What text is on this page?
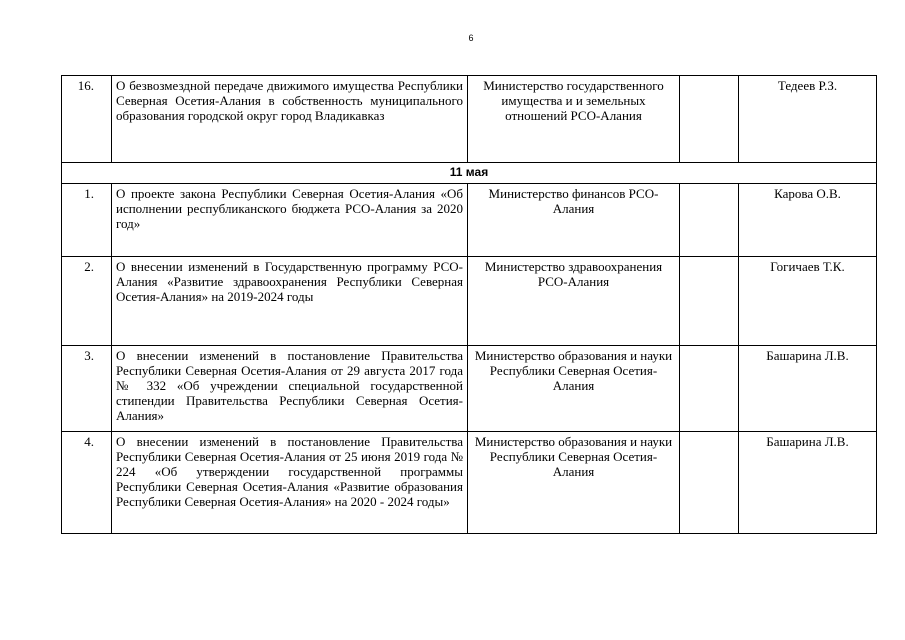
6
16.	О безвозмездной передаче движимого имущества Республики Северная Осетия-Алания в собственность муниципального образования городской округ город Владикавказ	Министерство государственного имущества и и земельных отношений РСО-Алания		Тедеев Р.З.
11 мая				
1.	О проекте закона Республики Северная Осетия-Алания «Об исполнении республиканского бюджета РСО-Алания за 2020 год»	Министерство финансов РСО-Алания		Карова О.В.
2.	О внесении изменений в Государственную программу РСО-Алания «Развитие здравоохранения Республики Северная Осетия-Алания» на 2019-2024 годы	Министерство здравоохранения РСО-Алания		Гогичаев Т.К.
3.	О внесении изменений в постановление Правительства Республики Северная Осетия-Алания от 29 августа 2017 года № 332 «Об учреждении специальной государственной стипендии Правительства Республики Северная Осетия-Алания»	Министерство образования и науки Республики Северная Осетия-Алания		Башарина Л.В.
4.	О внесении изменений в постановление Правительства Республики Северная Осетия-Алания от 25 июня 2019 года № 224 «Об утверждении государственной программы Республики Северная Осетия-Алания «Развитие образования Республики Северная Осетия-Алания» на 2020 - 2024 годы»	Министерство образования и науки Республики Северная Осетия-Алания		Башарина Л.В.
